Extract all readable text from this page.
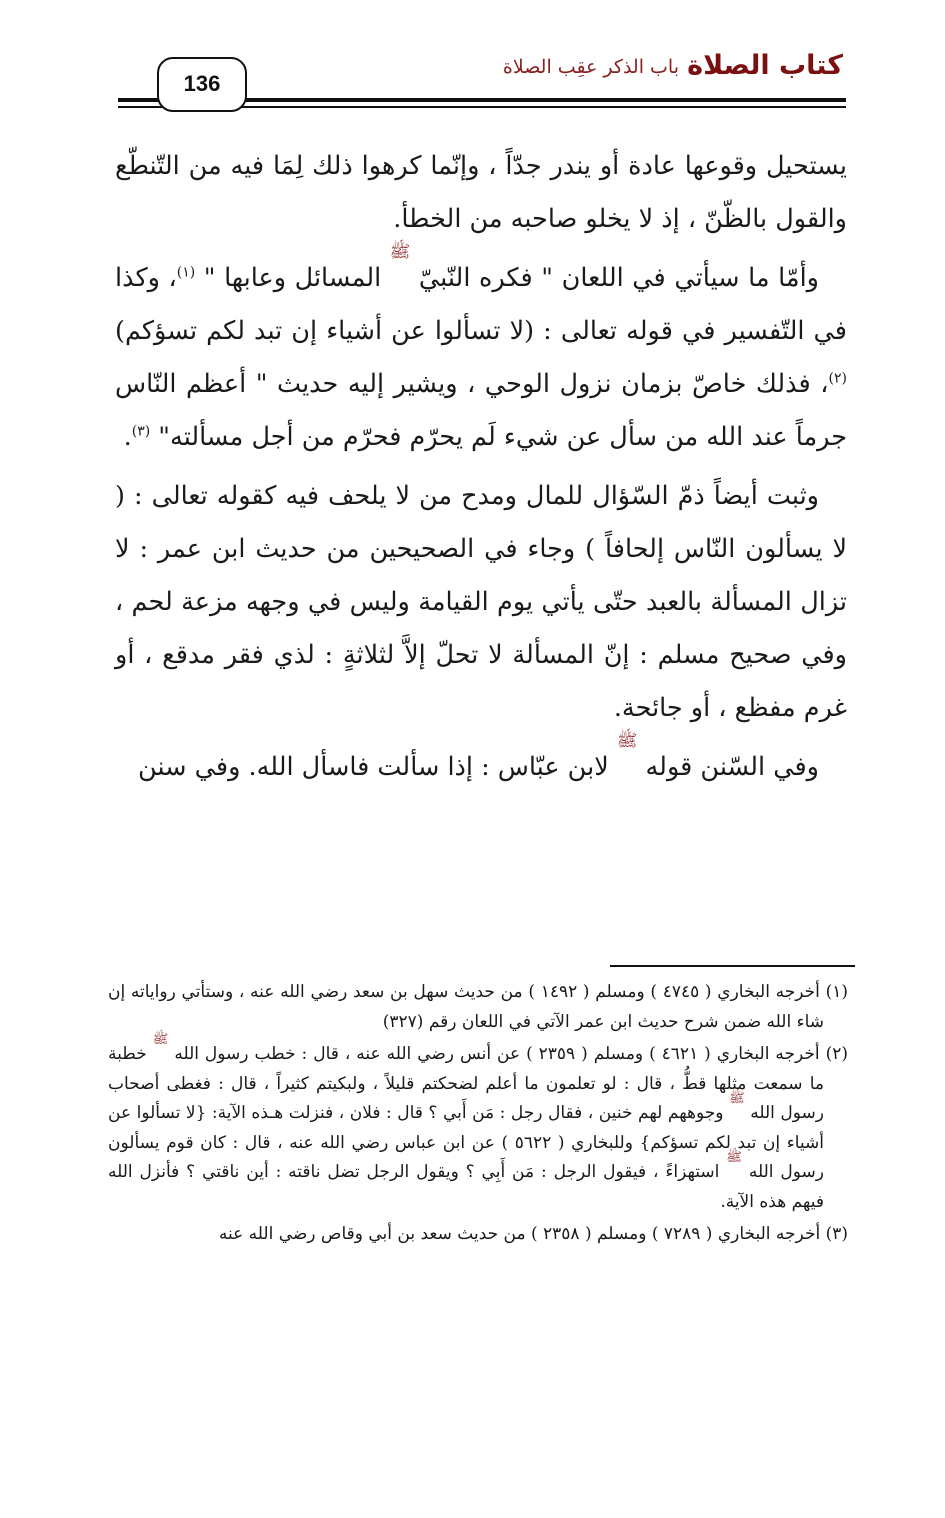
كتاب الصلاة
باب الذكر عقِب الصلاة
136

يستحيل وقوعها عادة أو يندر جدّاً ، وإنّما كرهوا ذلك لِمَا فيه من التّنطّع والقول بالظّنّ ، إذ لا يخلو صاحبه من الخطأ.

وأمّا ما سيأتي في اللعان " فكره النّبيّ $^ﷺ$ المسائل وعابها " $^{(١)}$، وكذا في التّفسير في قوله تعالى : (لا تسألوا عن أشياء إن تبد لكم تسؤكم)$^{(٢)}$، فذلك خاصّ بزمان نزول الوحي ، ويشير إليه حديث " أعظم النّاس جرماً عند الله من سأل عن شيء لَم يحرّم فحرّم من أجل مسألته" $^{(٣)}$.

وثبت أيضاً ذمّ السّؤال للمال ومدح من لا يلحف فيه كقوله تعالى : ( لا يسألون النّاس إلحافاً ) وجاء في الصحيحين من حديث ابن عمر : لا تزال المسألة بالعبد حتّى يأتي يوم القيامة وليس في وجهه مزعة لحم ، وفي صحيح مسلم : إنّ المسألة لا تحلّ إلاَّ لثلاثةٍ : لذي فقر مدقع ، أو غرم مفظع ، أو جائحة.

وفي السّنن قوله $^ﷺ$ لابن عبّاس : إذا سألت فاسأل الله. وفي سنن

(١) أخرجه البخاري ( ٤٧٤٥ ) ومسلم ( ١٤٩٢ ) من حديث سهل بن سعد رضي الله عنه ، وستأتي رواياته إن شاء الله ضمن شرح حديث ابن عمر الآتي في اللعان رقم (٣٢٧)

(٢) أخرجه البخاري ( ٤٦٢١ ) ومسلم ( ٢٣٥٩ ) عن أنس رضي الله عنه ، قال : خطب رسول الله $^ﷺ$ خطبة ما سمعت مثلها قطُّ ، قال : لو تعلمون ما أعلم لضحكتم قليلاً ، ولبكيتم كثيراً ، قال : فغطى أصحاب رسول الله $^ﷺ$ وجوههم لهم خنين ، فقال رجل : مَن أَبي ؟ قال : فلان ، فنزلت هـذه الآية: {لا تسألوا عن أشياء إن تبد لكم تسؤكم} وللبخاري ( ٥٦٢٢ ) عن ابن عباس رضي الله عنه ، قال : كان قوم يسألون رسول الله $^ﷺ$ استهزاءً ، فيقول الرجل : مَن أَبِي ؟ ويقول الرجل تضل ناقته : أين ناقتي ؟ فأنزل الله فيهم هذه الآية.

(٣) أخرجه البخاري ( ٧٢٨٩ ) ومسلم ( ٢٣٥٨ ) من حديث سعد بن أبي وقاص رضي الله عنه
